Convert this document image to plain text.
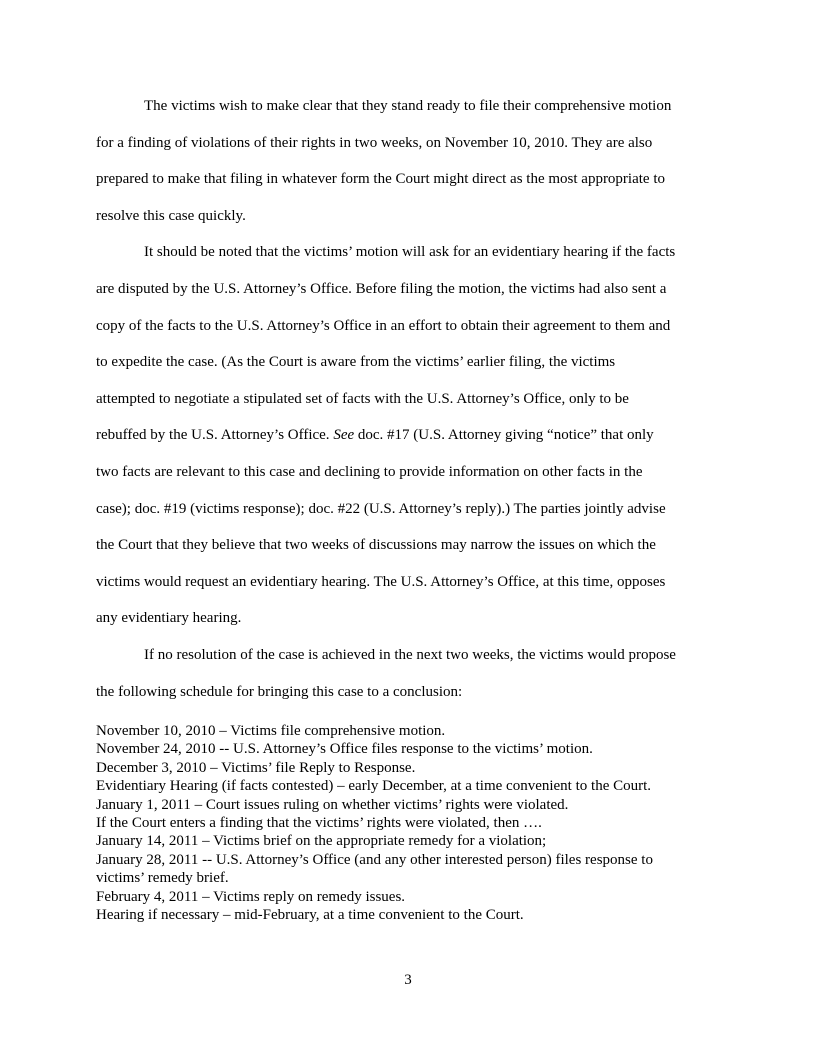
The victims wish to make clear that they stand ready to file their comprehensive motion
for a finding of violations of their rights in two weeks, on November 10, 2010. They are also
prepared to make that filing in whatever form the Court might direct as the most appropriate to
resolve this case quickly.

It should be noted that the victims’ motion will ask for an evidentiary hearing if the facts
are disputed by the U.S. Attorney’s Office. Before filing the motion, the victims had also sent a
copy of the facts to the U.S. Attorney’s Office in an effort to obtain their agreement to them and
to expedite the case. (As the Court is aware from the victims’ earlier filing, the victims
attempted to negotiate a stipulated set of facts with the U.S. Attorney’s Office, only to be
rebuffed by the U.S. Attorney’s Office. See doc. #17 (U.S. Attorney giving “notice” that only
two facts are relevant to this case and declining to provide information on other facts in the
case); doc. #19 (victims response); doc. #22 (U.S. Attorney’s reply).) The parties jointly advise
the Court that they believe that two weeks of discussions may narrow the issues on which the
victims would request an evidentiary hearing. The U.S. Attorney’s Office, at this time, opposes
any evidentiary hearing.

If no resolution of the case is achieved in the next two weeks, the victims would propose
the following schedule for bringing this case to a conclusion:

November 10, 2010 – Victims file comprehensive motion.
November 24, 2010 -- U.S. Attorney’s Office files response to the victims’ motion.
December 3, 2010 – Victims’ file Reply to Response.
Evidentiary Hearing (if facts contested) – early December, at a time convenient to the Court.
January 1, 2011 – Court issues ruling on whether victims’ rights were violated.
If the Court enters a finding that the victims’ rights were violated, then ….
January 14, 2011 – Victims brief on the appropriate remedy for a violation;
January 28, 2011 -- U.S. Attorney’s Office (and any other interested person) files response to
victims’ remedy brief.
February 4, 2011 – Victims reply on remedy issues.
Hearing if necessary – mid-February, at a time convenient to the Court.
3
